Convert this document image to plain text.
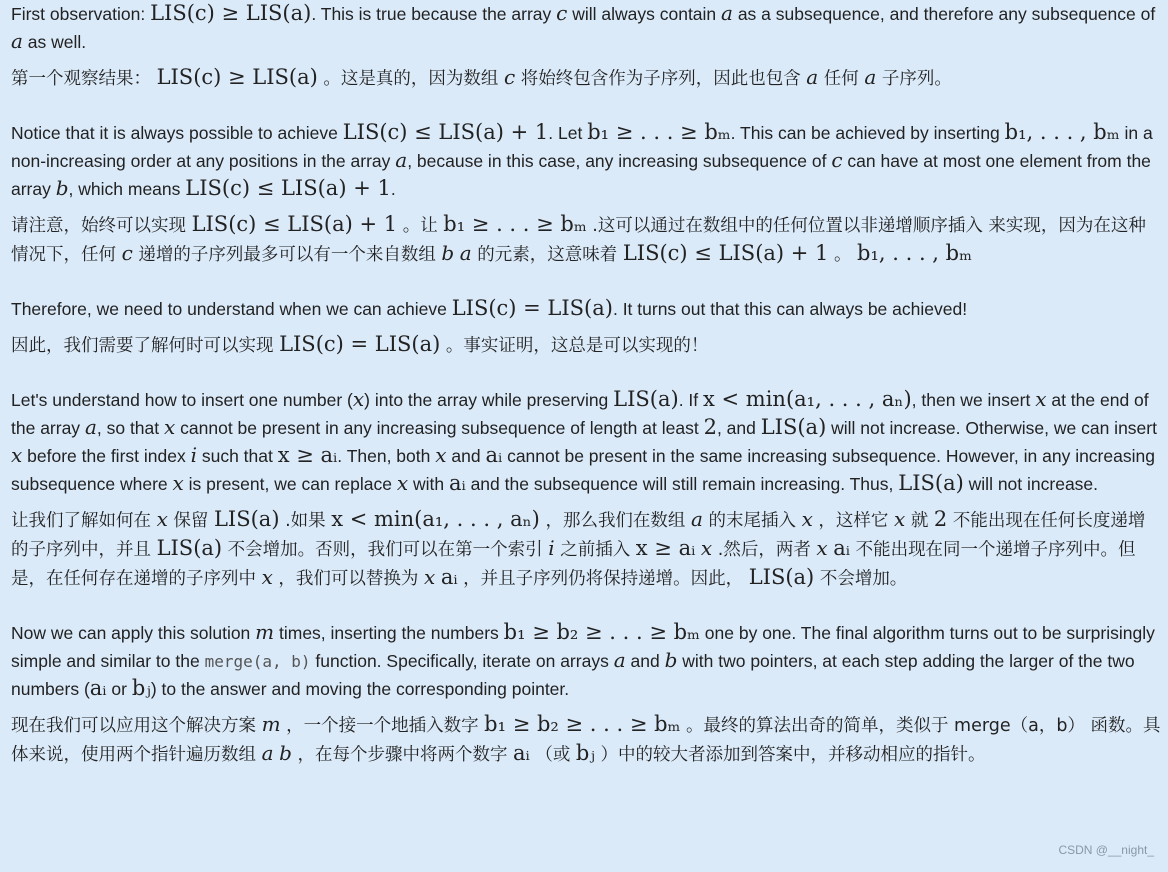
First observation: LIS(c) ≥ LIS(a). This is true because the array c will always contain a as a subsequence, and therefore any subsequence of a as well.

第一个观察结果： LIS(c) ≥ LIS(a) 。这是真的，因为数组 c 将始终包含作为子序列，因此也包含 a 任何 a 子序列。

Notice that it is always possible to achieve LIS(c) ≤ LIS(a) + 1. Let b₁ ≥ . . . ≥ bₘ. This can be achieved by inserting b₁, . . . , bₘ in a non-increasing order at any positions in the array a, because in this case, any increasing subsequence of c can have at most one element from the array b, which means LIS(c) ≤ LIS(a) + 1.

请注意，始终可以实现 LIS(c) ≤ LIS(a) + 1 。让 b₁ ≥ . . . ≥ bₘ .这可以通过在数组中的任何位置以非递增顺序插入 来实现，因为在这种情况下，任何 c 递增的子序列最多可以有一个来自数组 b a 的元素，这意味着 LIS(c) ≤ LIS(a) + 1 。 b₁, . . . , bₘ

Therefore, we need to understand when we can achieve LIS(c) = LIS(a). It turns out that this can always be achieved!

因此，我们需要了解何时可以实现 LIS(c) = LIS(a) 。事实证明，这总是可以实现的！

Let's understand how to insert one number (x) into the array while preserving LIS(a). If x < min(a₁, . . . , aₙ), then we insert x at the end of the array a, so that x cannot be present in any increasing subsequence of length at least 2, and LIS(a) will not increase. Otherwise, we can insert x before the first index i such that x ≥ aᵢ. Then, both x and aᵢ cannot be present in the same increasing subsequence. However, in any increasing subsequence where x is present, we can replace x with aᵢ and the subsequence will still remain increasing. Thus, LIS(a) will not increase.

让我们了解如何在 x 保留 LIS(a) .如果 x < min(a₁, . . . , aₙ) ，那么我们在数组 a 的末尾插入 x ，这样它 x 就 2 不能出现在任何长度递增的子序列中，并且 LIS(a) 不会增加。否则，我们可以在第一个索引 i 之前插入 x ≥ aᵢ x .然后，两者 x aᵢ 不能出现在同一个递增子序列中。但是，在任何存在递增的子序列中 x ，我们可以替换为 x aᵢ ，并且子序列仍将保持递增。因此， LIS(a) 不会增加。

Now we can apply this solution m times, inserting the numbers b₁ ≥ b₂ ≥ . . . ≥ bₘ one by one. The final algorithm turns out to be surprisingly simple and similar to the merge(a, b) function. Specifically, iterate on arrays a and b with two pointers, at each step adding the larger of the two numbers (aᵢ or bⱼ) to the answer and moving the corresponding pointer.

现在我们可以应用这个解决方案 m ，一个接一个地插入数字 b₁ ≥ b₂ ≥ . . . ≥ bₘ 。最终的算法出奇的简单，类似于 merge（a，b） 函数。具体来说，使用两个指针遍历数组 a b ，在每个步骤中将两个数字 aᵢ （或 bⱼ ）中的较大者添加到答案中，并移动相应的指针。

CSDN @__night_
